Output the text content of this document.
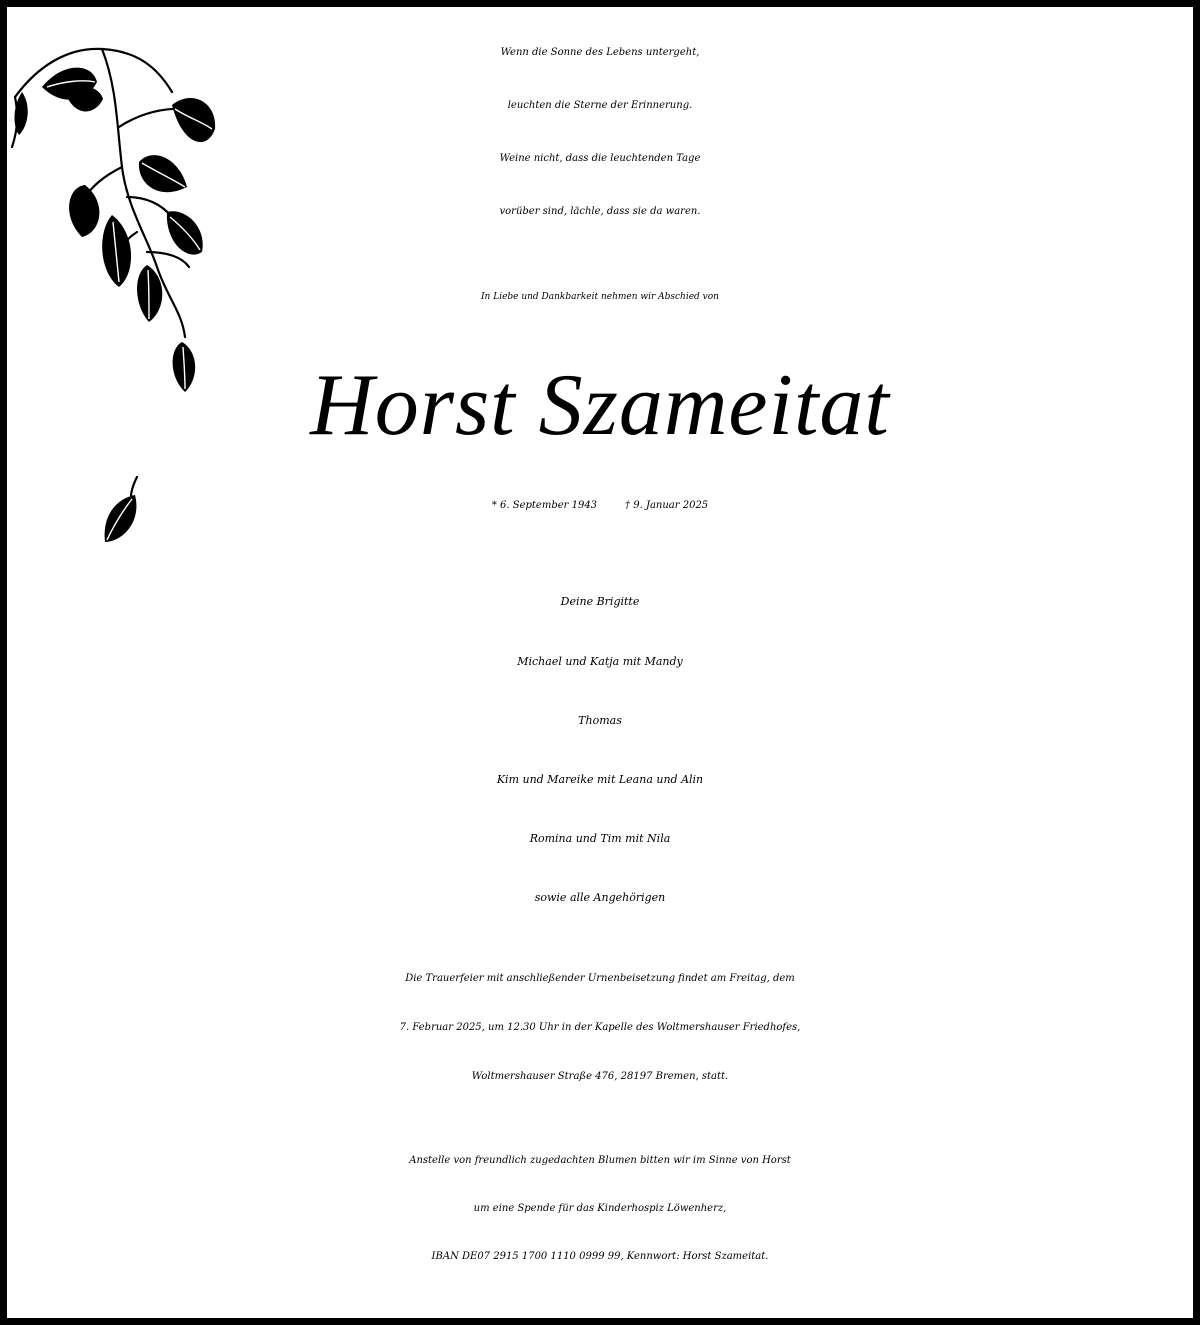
Wenn die Sonne des Lebens untergeht,
leuchten die Sterne der Erinnerung.
Weine nicht, dass die leuchtenden Tage
vorüber sind, lächle, dass sie da waren.
In Liebe und Dankbarkeit nehmen wir Abschied von
Horst Szameitat
* 6. September 1943	† 9. Januar 2025
Deine Brigitte
Michael und Katja mit Mandy
Thomas
Kim und Mareike mit Leana und Alin
Romina und Tim mit Nila
sowie alle Angehörigen
Die Trauerfeier mit anschließender Urnenbeisetzung findet am Freitag, dem
7. Februar 2025, um 12.30 Uhr in der Kapelle des Woltmershauser Friedhofes,
Woltmershauser Straße 476, 28197 Bremen, statt.
Anstelle von freundlich zugedachten Blumen bitten wir im Sinne von Horst
um eine Spende für das Kinderhospiz Löwenherz,
IBAN DE07 2915 1700 1110 0999 99, Kennwort: Horst Szameitat.
